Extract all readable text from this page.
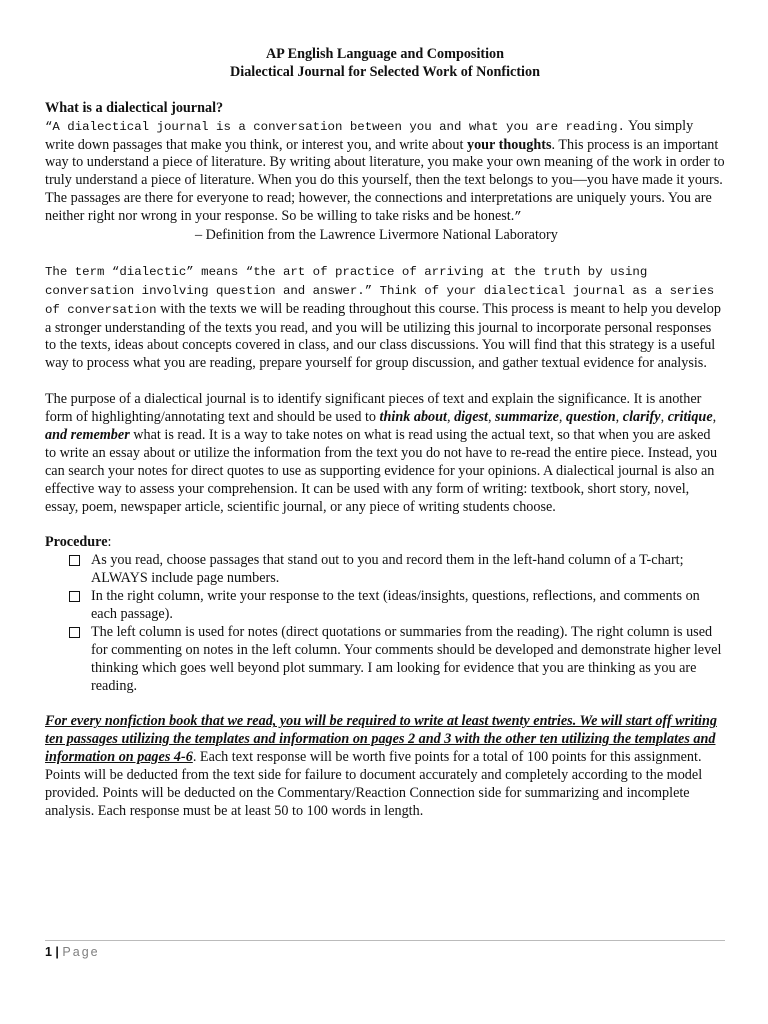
AP English Language and Composition

Dialectical Journal for Selected Work of Nonfiction

What is a dialectical journal?

“A dialectical journal is a conversation between you and what you are reading. You simply write down passages that make you think, or interest you, and write about your thoughts. This process is an important way to understand a piece of literature. By writing about literature, you make your own meaning of the work in order to truly understand a piece of literature. When you do this yourself, then the text belongs to you—you have made it yours. The passages are there for everyone to read; however, the connections and interpretations are uniquely yours. You are neither right nor wrong in your response. So be willing to take risks and be honest.”

– Definition from the Lawrence Livermore National Laboratory

The term “dialectic” means “the art of practice of arriving at the truth by using conversation involving question and answer.” Think of your dialectical journal as a series of conversation with the texts we will be reading throughout this course. This process is meant to help you develop a stronger understanding of the texts you read, and you will be utilizing this journal to incorporate personal responses to the texts, ideas about concepts covered in class, and our class discussions. You will find that this strategy is a useful way to process what you are reading, prepare yourself for group discussion, and gather textual evidence for analysis.

The purpose of a dialectical journal is to identify significant pieces of text and explain the significance. It is another form of highlighting/annotating text and should be used to think about, digest, summarize, question, clarify, critique, and remember what is read. It is a way to take notes on what is read using the actual text, so that when you are asked to write an essay about or utilize the information from the text you do not have to re-read the entire piece. Instead, you can search your notes for direct quotes to use as supporting evidence for your opinions. A dialectical journal is also an effective way to assess your comprehension. It can be used with any form of writing: textbook, short story, novel, essay, poem, newspaper article, scientific journal, or any piece of writing students choose.

Procedure:

As you read, choose passages that stand out to you and record them in the left-hand column of a T-chart; ALWAYS include page numbers.
In the right column, write your response to the text (ideas/insights, questions, reflections, and comments on each passage).
The left column is used for notes (direct quotations or summaries from the reading). The right column is used for commenting on notes in the left column. Your comments should be developed and demonstrate higher level thinking which goes well beyond plot summary. I am looking for evidence that you are thinking as you are reading.

For every nonfiction book that we read, you will be required to write at least twenty entries. We will start off writing ten passages utilizing the templates and information on pages 2 and 3 with the other ten utilizing the templates and information on pages 4-6. Each text response will be worth five points for a total of 100 points for this assignment. Points will be deducted from the text side for failure to document accurately and completely according to the model provided. Points will be deducted on the Commentary/Reaction Connection side for summarizing and incomplete analysis. Each response must be at least 50 to 100 words in length.

1 | Page
